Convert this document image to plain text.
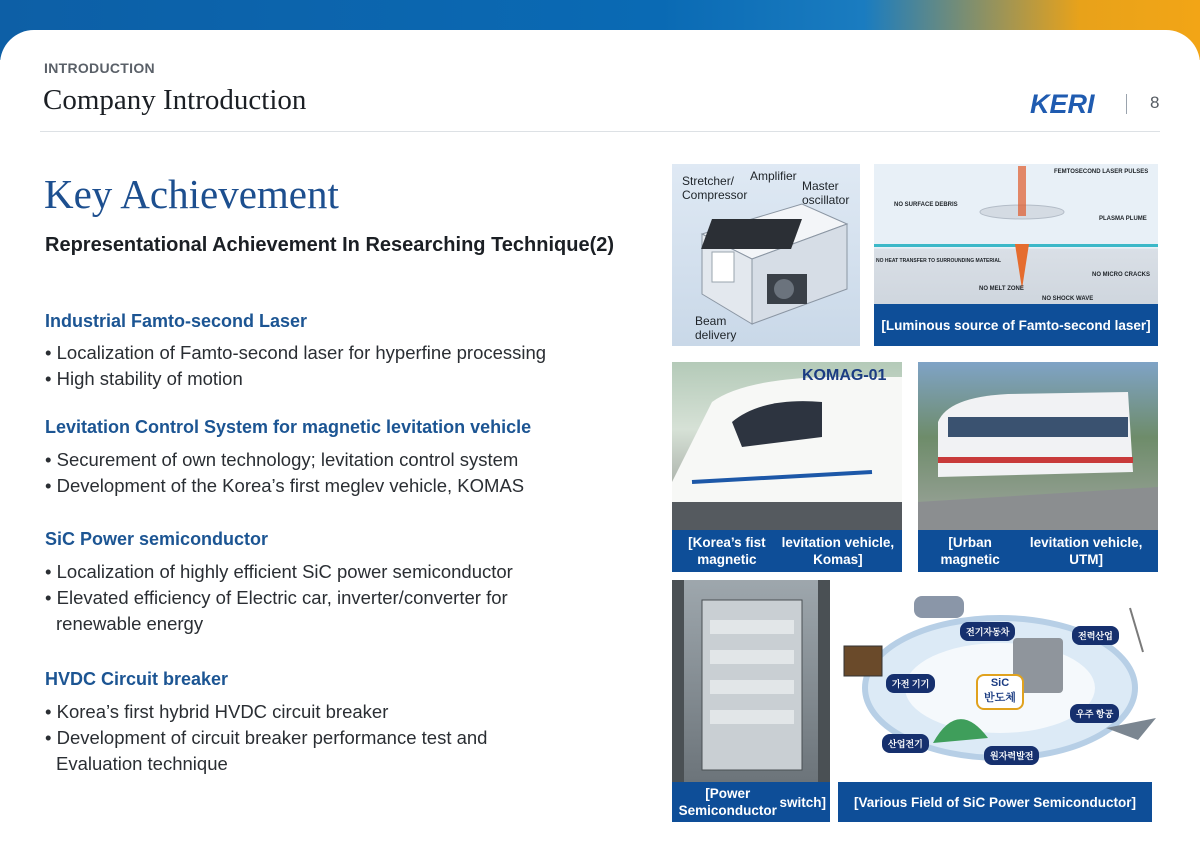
INTRODUCTION
Company Introduction	KERI	8
Key Achievement
Representational Achievement In Researching Technique(2)
Industrial Famto-second Laser
• Localization of Famto-second laser for hyperfine processing
• High stability of motion
Levitation Control System for magnetic levitation vehicle
• Securement of own technology; levitation control system
• Development of the Korea’s first meglev vehicle, KOMAS
SiC Power semiconductor
• Localization of highly efficient SiC power semiconductor
• Elevated efficiency of Electric car, inverter/converter for
renewable energy
HVDC Circuit breaker
• Korea’s first hybrid HVDC circuit breaker
• Development of circuit breaker performance test and
Evaluation technique
Stretcher/
Compressor
Amplifier
Master
oscillator
Beam
delivery
FEMTOSECOND LASER PULSES
NO SURFACE DEBRIS
PLASMA PLUME
NO HEAT TRANSFER TO SURROUNDING MATERIAL
NO MICRO CRACKS
NO MELT ZONE
NO SHOCK WAVE
[Luminous source of Famto-second laser]
KOMAG-01
[Korea’s fist magnetic

levitation vehicle, Komas]
[Urban magnetic

levitation vehicle, UTM]
[Power Semiconductor

switch]
전기자동차	전력산업
가전 기기
우주 항공
산업전기
원자력발전
SiC
반도체
[Various Field of SiC Power Semiconductor]
